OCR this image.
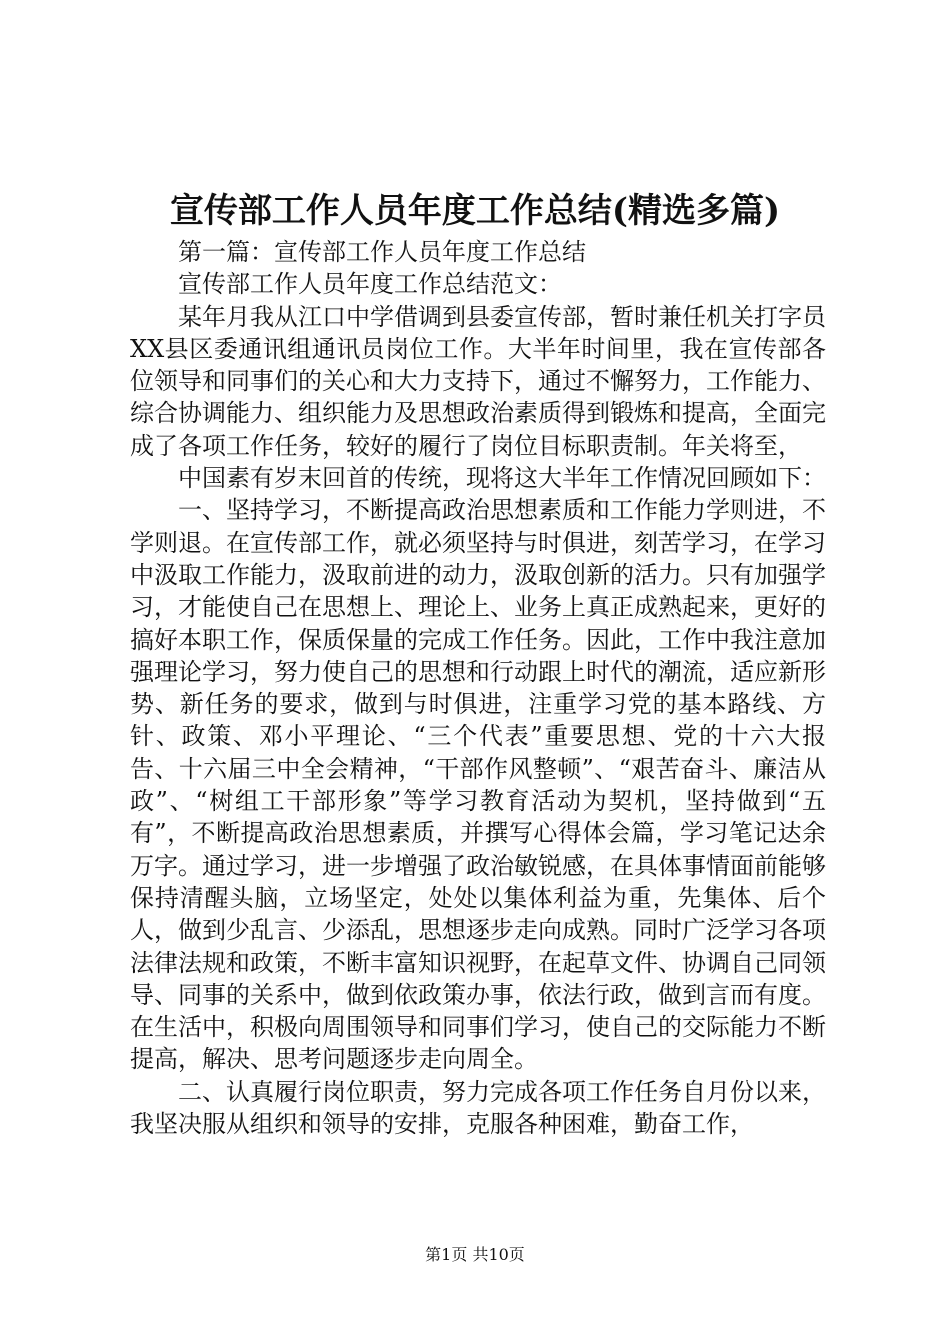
宣传部工作人员年度工作总结(精选多篇)

第一篇：宣传部工作人员年度工作总结

宣传部工作人员年度工作总结范文：

某年月我从江口中学借调到县委宣传部，暂时兼任机关打字员XX县区委通讯组通讯员岗位工作。大半年时间里，我在宣传部各位领导和同事们的关心和大力支持下，通过不懈努力，工作能力、综合协调能力、组织能力及思想政治素质得到锻炼和提高，全面完成了各项工作任务，较好的履行了岗位目标职责制。年关将至，

中国素有岁末回首的传统，现将这大半年工作情况回顾如下：

一、坚持学习，不断提高政治思想素质和工作能力学则进，不学则退。在宣传部工作，就必须坚持与时俱进，刻苦学习，在学习中汲取工作能力，汲取前进的动力，汲取创新的活力。只有加强学习，才能使自己在思想上、理论上、业务上真正成熟起来，更好的搞好本职工作，保质保量的完成工作任务。因此，工作中我注意加强理论学习，努力使自己的思想和行动跟上时代的潮流，适应新形势、新任务的要求，做到与时俱进，注重学习党的基本路线、方针、政策、邓小平理论、“三个代表”重要思想、党的十六大报告、十六届三中全会精神，“干部作风整顿”、“艰苦奋斗、廉洁从政”、“树组工干部形象”等学习教育活动为契机，坚持做到“五有”，不断提高政治思想素质，并撰写心得体会篇，学习笔记达余万字。通过学习，进一步增强了政治敏锐感，在具体事情面前能够保持清醒头脑，立场坚定，处处以集体利益为重，先集体、后个人，做到少乱言、少添乱，思想逐步走向成熟。同时广泛学习各项法律法规和政策，不断丰富知识视野，在起草文件、协调自己同领导、同事的关系中，做到依政策办事，依法行政，做到言而有度。在生活中，积极向周围领导和同事们学习，使自己的交际能力不断提高，解决、思考问题逐步走向周全。

二、认真履行岗位职责，努力完成各项工作任务自月份以来，我坚决服从组织和领导的安排，克服各种困难，勤奋工作，

第1页 共10页
